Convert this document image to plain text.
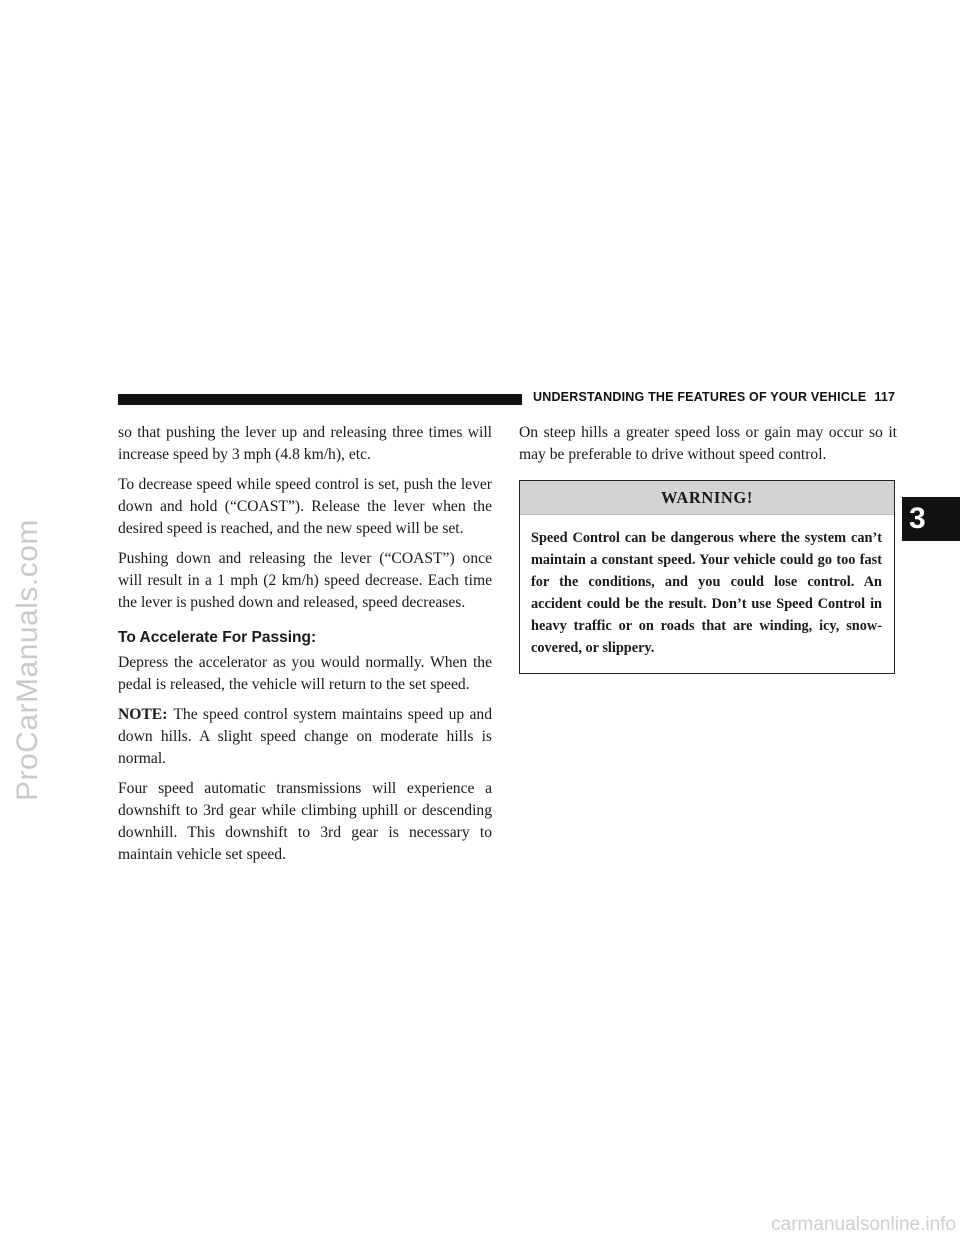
ProCarManuals.com
UNDERSTANDING THE FEATURES OF YOUR VEHICLE 117
3

so that pushing the lever up and releasing three times will increase speed by 3 mph (4.8 km/h), etc.

To decrease speed while speed control is set, push the lever down and hold (“COAST”). Release the lever when the desired speed is reached, and the new speed will be set.

Pushing down and releasing the lever (“COAST”) once will result in a 1 mph (2 km/h) speed decrease. Each time the lever is pushed down and released, speed decreases.

To Accelerate For Passing:

Depress the accelerator as you would normally. When the pedal is released, the vehicle will return to the set speed.

NOTE: The speed control system maintains speed up and down hills. A slight speed change on moderate hills is normal.

Four speed automatic transmissions will experience a downshift to 3rd gear while climbing uphill or descending downhill. This downshift to 3rd gear is necessary to maintain vehicle set speed.

On steep hills a greater speed loss or gain may occur so it may be preferable to drive without speed control.

WARNING!
Speed Control can be dangerous where the system can’t maintain a constant speed. Your vehicle could go too fast for the conditions, and you could lose control. An accident could be the result. Don’t use Speed Control in heavy traffic or on roads that are winding, icy, snow-covered, or slippery.
carmanualsonline.info
